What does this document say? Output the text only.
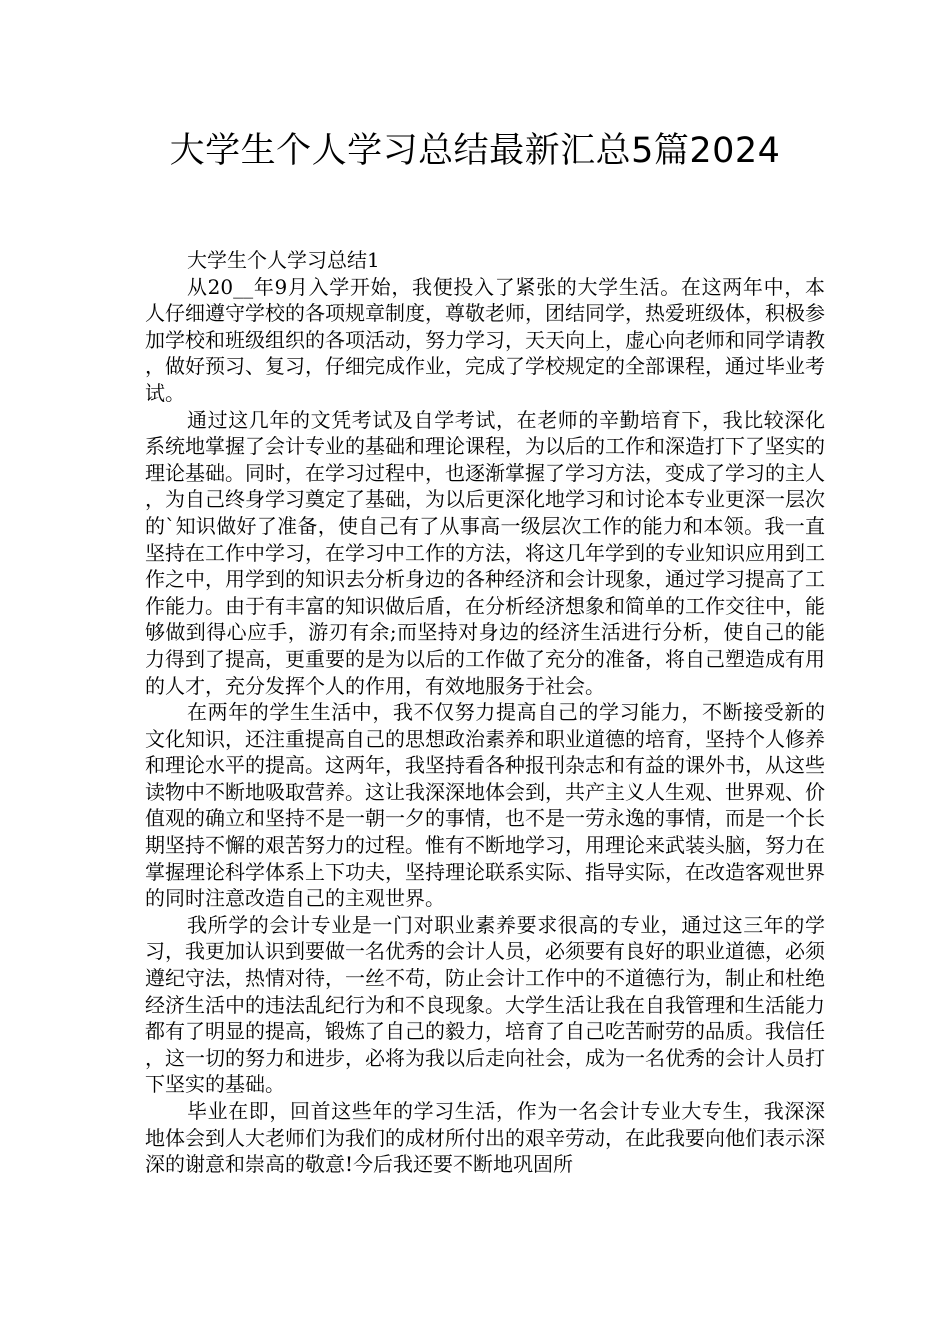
大学生个人学习总结最新汇总5篇2024
大学生个人学习总结1

从20__年9月入学开始，我便投入了紧张的大学生活。在这两年中，本人仔细遵守学校的各项规章制度，尊敬老师，团结同学，热爱班级体，积极参加学校和班级组织的各项活动，努力学习，天天向上，虚心向老师和同学请教，做好预习、复习，仔细完成作业，完成了学校规定的全部课程，通过毕业考试。

通过这几年的文凭考试及自学考试，在老师的辛勤培育下，我比较深化系统地掌握了会计专业的基础和理论课程，为以后的工作和深造打下了坚实的理论基础。同时，在学习过程中，也逐渐掌握了学习方法，变成了学习的主人，为自己终身学习奠定了基础，为以后更深化地学习和讨论本专业更深一层次的`知识做好了准备，使自己有了从事高一级层次工作的能力和本领。我一直坚持在工作中学习，在学习中工作的方法，将这几年学到的专业知识应用到工作之中，用学到的知识去分析身边的各种经济和会计现象，通过学习提高了工作能力。由于有丰富的知识做后盾，在分析经济想象和简单的工作交往中，能够做到得心应手，游刃有余;而坚持对身边的经济生活进行分析，使自己的能力得到了提高，更重要的是为以后的工作做了充分的准备，将自己塑造成有用的人才，充分发挥个人的作用，有效地服务于社会。

在两年的学生生活中，我不仅努力提高自己的学习能力，不断接受新的文化知识，还注重提高自己的思想政治素养和职业道德的培育，坚持个人修养和理论水平的提高。这两年，我坚持看各种报刊杂志和有益的课外书，从这些读物中不断地吸取营养。这让我深深地体会到，共产主义人生观、世界观、价值观的确立和坚持不是一朝一夕的事情，也不是一劳永逸的事情，而是一个长期坚持不懈的艰苦努力的过程。惟有不断地学习，用理论来武装头脑，努力在掌握理论科学体系上下功夫，坚持理论联系实际、指导实际，在改造客观世界的同时注意改造自己的主观世界。

我所学的会计专业是一门对职业素养要求很高的专业，通过这三年的学习，我更加认识到要做一名优秀的会计人员，必须要有良好的职业道德，必须遵纪守法，热情对待，一丝不苟，防止会计工作中的不道德行为，制止和杜绝经济生活中的违法乱纪行为和不良现象。大学生活让我在自我管理和生活能力都有了明显的提高，锻炼了自己的毅力，培育了自己吃苦耐劳的品质。我信任，这一切的努力和进步，必将为我以后走向社会，成为一名优秀的会计人员打下坚实的基础。

毕业在即，回首这些年的学习生活，作为一名会计专业大专生，我深深地体会到人大老师们为我们的成材所付出的艰辛劳动，在此我要向他们表示深深的谢意和崇高的敬意!今后我还要不断地巩固所
